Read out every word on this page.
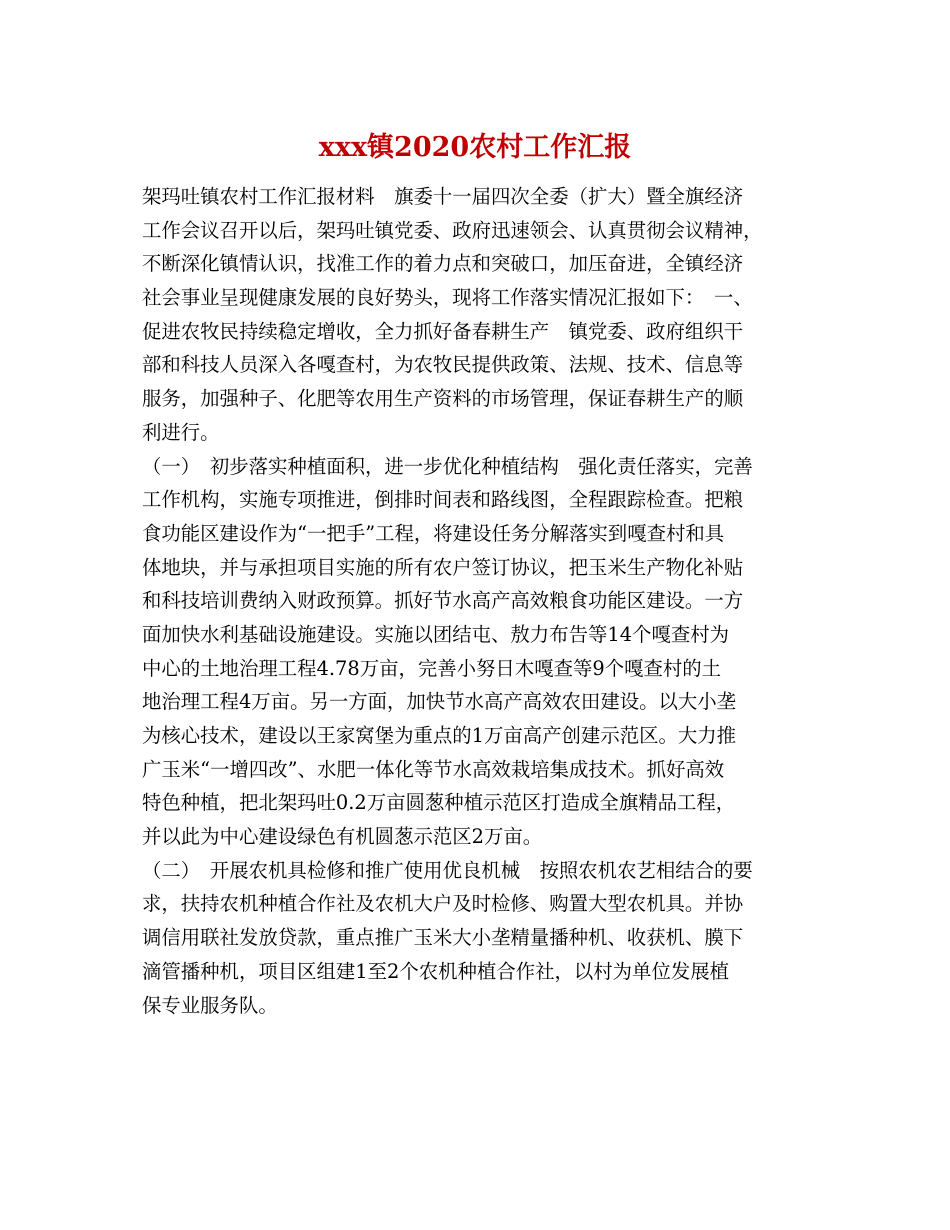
xxx镇2020农村工作汇报
架玛吐镇农村工作汇报材料　旗委十一届四次全委（扩大）暨全旗经济
工作会议召开以后，架玛吐镇党委、政府迅速领会、认真贯彻会议精神，
不断深化镇情认识，找准工作的着力点和突破口，加压奋进，全镇经济
社会事业呈现健康发展的良好势头，现将工作落实情况汇报如下：　一、
促进农牧民持续稳定增收，全力抓好备春耕生产　镇党委、政府组织干
部和科技人员深入各嘎查村，为农牧民提供政策、法规、技术、信息等
服务，加强种子、化肥等农用生产资料的市场管理，保证春耕生产的顺
利进行。
（一）　初步落实种植面积，进一步优化种植结构　强化责任落实，完善
工作机构，实施专项推进，倒排时间表和路线图，全程跟踪检查。把粮
食功能区建设作为“一把手”工程，将建设任务分解落实到嘎查村和具
体地块，并与承担项目实施的所有农户签订协议，把玉米生产物化补贴
和科技培训费纳入财政预算。抓好节水高产高效粮食功能区建设。一方
面加快水利基础设施建设。实施以团结屯、敖力布告等14个嘎查村为
中心的土地治理工程4.78万亩，完善小努日木嘎查等9个嘎查村的土
地治理工程4万亩。另一方面，加快节水高产高效农田建设。以大小垄
为核心技术，建设以王家窝堡为重点的1万亩高产创建示范区。大力推
广玉米“一增四改”、水肥一体化等节水高效栽培集成技术。抓好高效
特色种植，把北架玛吐0.2万亩圆葱种植示范区打造成全旗精品工程，
并以此为中心建设绿色有机圆葱示范区2万亩。
（二）　开展农机具检修和推广使用优良机械　按照农机农艺相结合的要
求，扶持农机种植合作社及农机大户及时检修、购置大型农机具。并协
调信用联社发放贷款，重点推广玉米大小垄精量播种机、收获机、膜下
滴管播种机，项目区组建1至2个农机种植合作社，以村为单位发展植
保专业服务队。
